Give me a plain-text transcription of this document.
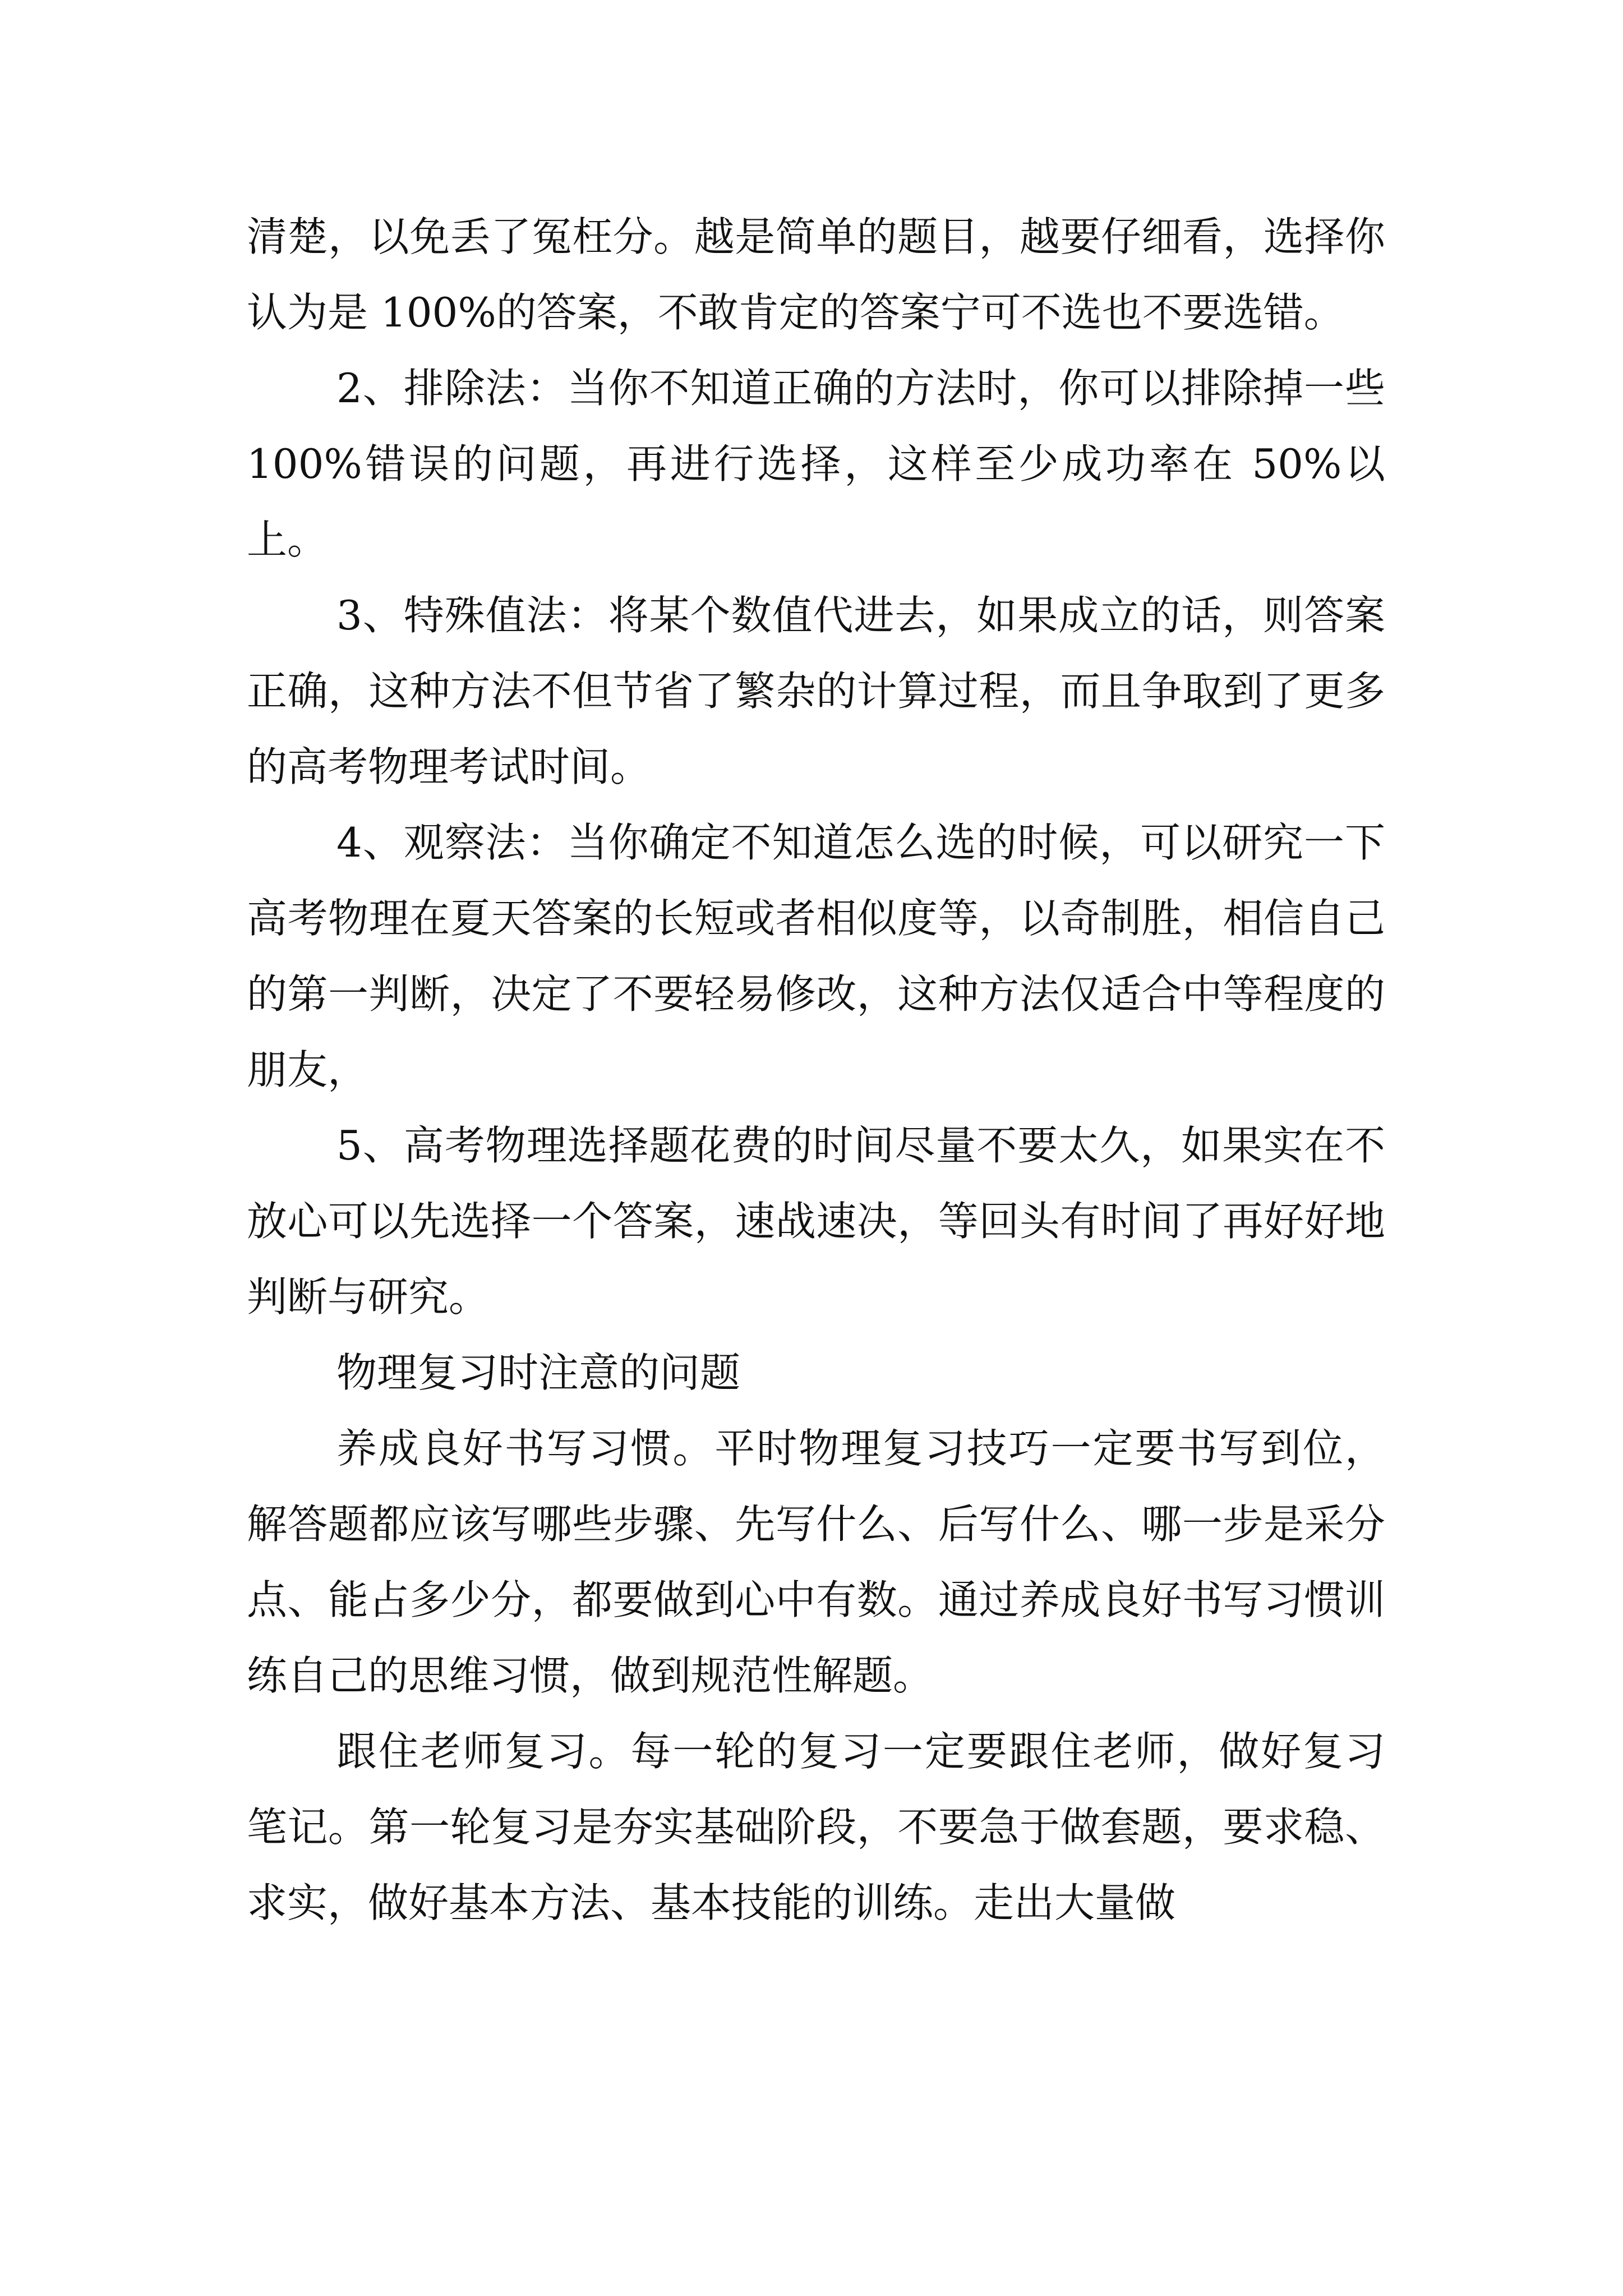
清楚，以免丢了冤枉分。越是简单的题目，越要仔细看，选择你认为是 100%的答案，不敢肯定的答案宁可不选也不要选错。

2、排除法：当你不知道正确的方法时，你可以排除掉一些 100%错误的问题，再进行选择，这样至少成功率在 50%以上。

3、特殊值法：将某个数值代进去，如果成立的话，则答案正确，这种方法不但节省了繁杂的计算过程，而且争取到了更多的高考物理考试时间。

4、观察法：当你确定不知道怎么选的时候，可以研究一下高考物理在夏天答案的长短或者相似度等，以奇制胜，相信自己的第一判断，决定了不要轻易修改，这种方法仅适合中等程度的朋友，

5、高考物理选择题花费的时间尽量不要太久，如果实在不放心可以先选择一个答案，速战速决，等回头有时间了再好好地判断与研究。

物理复习时注意的问题

养成良好书写习惯。平时物理复习技巧一定要书写到位，解答题都应该写哪些步骤、先写什么、后写什么、哪一步是采分点、能占多少分，都要做到心中有数。通过养成良好书写习惯训练自己的思维习惯，做到规范性解题。

跟住老师复习。每一轮的复习一定要跟住老师，做好复习笔记。第一轮复习是夯实基础阶段，不要急于做套题，要求稳、求实，做好基本方法、基本技能的训练。走出大量做
